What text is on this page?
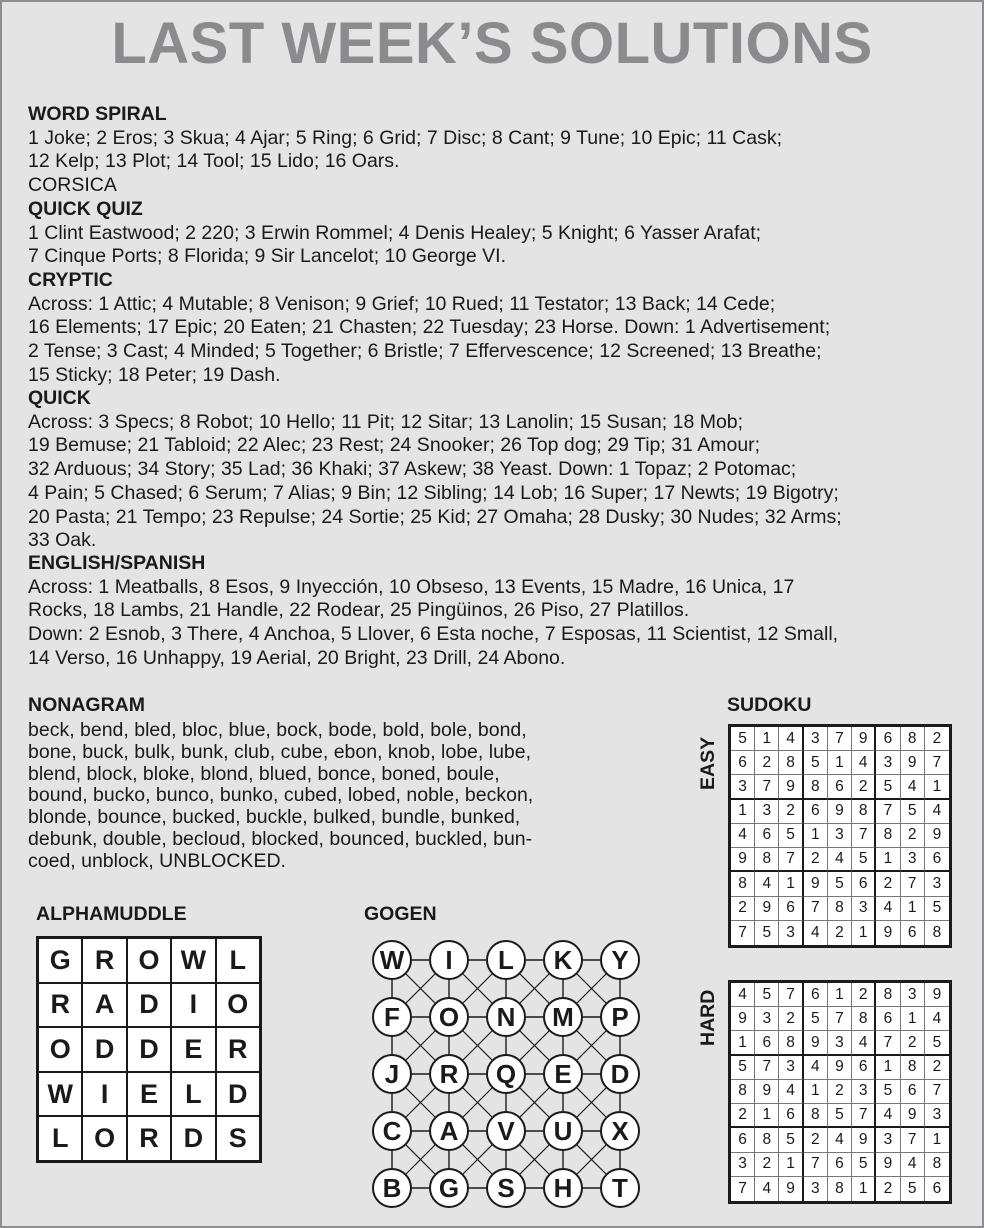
LAST WEEK’S SOLUTIONS
WORD SPIRAL

1 Joke; 2 Eros; 3 Skua; 4 Ajar; 5 Ring; 6 Grid; 7 Disc; 8 Cant; 9 Tune; 10 Epic; 11 Cask;
12 Kelp; 13 Plot; 14 Tool; 15 Lido; 16 Oars.
CORSICA

QUICK QUIZ

1 Clint Eastwood; 2 220; 3 Erwin Rommel; 4 Denis Healey; 5 Knight; 6 Yasser Arafat;
7 Cinque Ports; 8 Florida; 9 Sir Lancelot; 10 George VI.

CRYPTIC

Across: 1 Attic; 4 Mutable; 8 Venison; 9 Grief; 10 Rued; 11 Testator; 13 Back; 14 Cede;
16 Elements; 17 Epic; 20 Eaten; 21 Chasten; 22 Tuesday; 23 Horse. Down: 1 Advertisement;
2 Tense; 3 Cast; 4 Minded; 5 Together; 6 Bristle; 7 Effervescence; 12 Screened; 13 Breathe;
15 Sticky; 18 Peter; 19 Dash.

QUICK

Across: 3 Specs; 8 Robot; 10 Hello; 11 Pit; 12 Sitar; 13 Lanolin; 15 Susan; 18 Mob;
19 Bemuse; 21 Tabloid; 22 Alec; 23 Rest; 24 Snooker; 26 Top dog; 29 Tip; 31 Amour;
32 Arduous; 34 Story; 35 Lad; 36 Khaki; 37 Askew; 38 Yeast. Down: 1 Topaz; 2 Potomac;
4 Pain; 5 Chased; 6 Serum; 7 Alias; 9 Bin; 12 Sibling; 14 Lob; 16 Super; 17 Newts; 19 Bigotry;
20 Pasta; 21 Tempo; 23 Repulse; 24 Sortie; 25 Kid; 27 Omaha; 28 Dusky; 30 Nudes; 32 Arms;
33 Oak.

ENGLISH/SPANISH

Across: 1 Meatballs, 8 Esos, 9 Inyección, 10 Obseso, 13 Events, 15 Madre, 16 Unica, 17
Rocks, 18 Lambs, 21 Handle, 22 Rodear, 25 Pingüinos, 26 Piso, 27 Platillos.
Down: 2 Esnob, 3 There, 4 Anchoa, 5 Llover, 6 Esta noche, 7 Esposas, 11 Scientist, 12 Small,
14 Verso, 16 Unhappy, 19 Aerial, 20 Bright, 23 Drill, 24 Abono.

NONAGRAM

beck, bend, bled, bloc, blue, bock, bode, bold, bole, bond,
bone, buck, bulk, bunk, club, cube, ebon, knob, lobe, lube,
blend, block, bloke, blond, blued, bonce, boned, boule,
bound, bucko, bunco, bunko, cubed, lobed, noble, beckon,
blonde, bounce, bucked, buckle, bulked, bundle, bunked,
debunk, double, becloud, blocked, bounced, buckled, bun-
coed, unblock, UNBLOCKED.

ALPHAMUDDLE
G R O W L
R A D	I	O
O D D E R
W	I	E	L D
L O R D S
GOGEN
W I L K Y
F O N M P
J R Q E D
C A V U X
B G S H T
SUDOKU
EASY
HARD
5	1 4	3	7 9	6	8	2
6	2 8	5	1 4	3	9	7
3	7 9	8	6 2	5	4	1
1	3 2	6	9 8	7	5	4
4	6 5	1	3 7	8	2	9
9	8 7	2	4 5	1	3	6
8	4 1	9	5 6	2	7	3
2	9 6	7	8 3	4	1	5
7	5 3	4	2 1	9	6	8
4	5 7	6	1 2	8	3	9
9	3 2	5	7 8	6	1	4
1	6 8	9	3 4	7	2	5
5	7 3	4	9 6	1	8	2
8	9 4	1	2 3	5	6	7
2	1 6	8	5 7	4	9	3
6	8 5	2	4 9	3	7	1
3	2 1	7	6 5	9	4	8
7	4 9	3	8 1	2	5	6
